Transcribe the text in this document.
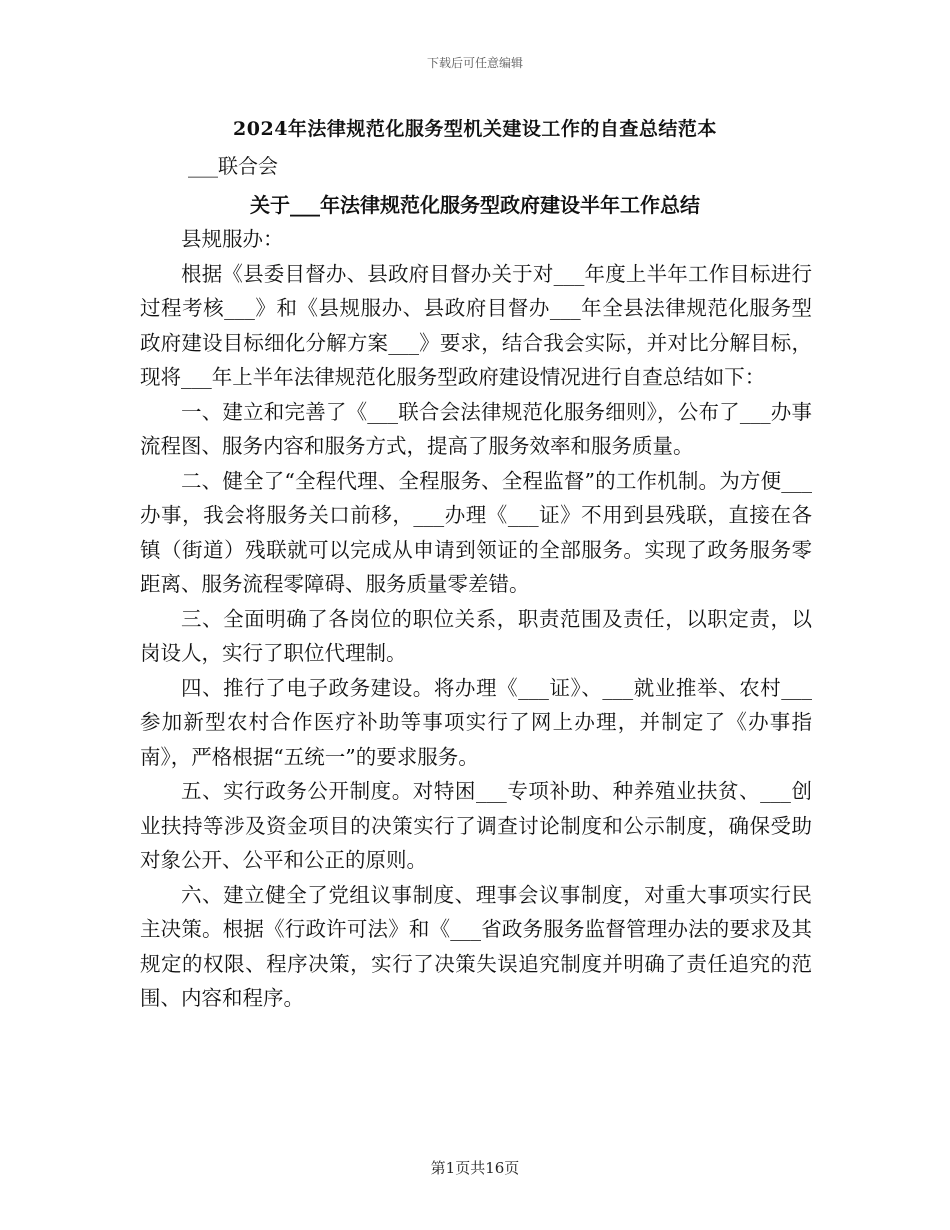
下载后可任意编辑
2024年法律规范化服务型机关建设工作的自查总结范本
___联合会
关于___年法律规范化服务型政府建设半年工作总结

县规服办：

根据《县委目督办、县政府目督办关于对___年度上半年工作目标进行过程考核___》和《县规服办、县政府目督办___年全县法律规范化服务型政府建设目标细化分解方案___》要求，结合我会实际，并对比分解目标，现将___年上半年法律规范化服务型政府建设情况进行自查总结如下：

一、建立和完善了《___联合会法律规范化服务细则》，公布了___办事流程图、服务内容和服务方式，提高了服务效率和服务质量。

二、健全了“全程代理、全程服务、全程监督”的工作机制。为方便___办事，我会将服务关口前移，___办理《___证》不用到县残联，直接在各镇（街道）残联就可以完成从申请到领证的全部服务。实现了政务服务零距离、服务流程零障碍、服务质量零差错。

三、全面明确了各岗位的职位关系，职责范围及责任，以职定责，以岗设人，实行了职位代理制。

四、推行了电子政务建设。将办理《___证》、___就业推举、农村___参加新型农村合作医疗补助等事项实行了网上办理，并制定了《办事指南》，严格根据“五统一”的要求服务。

五、实行政务公开制度。对特困___专项补助、种养殖业扶贫、___创业扶持等涉及资金项目的决策实行了调查讨论制度和公示制度，确保受助对象公开、公平和公正的原则。

六、建立健全了党组议事制度、理事会议事制度，对重大事项实行民主决策。根据《行政许可法》和《___省政务服务监督管理办法的要求及其规定的权限、程序决策，实行了决策失误追究制度并明确了责任追究的范围、内容和程序。

第1页共16页
